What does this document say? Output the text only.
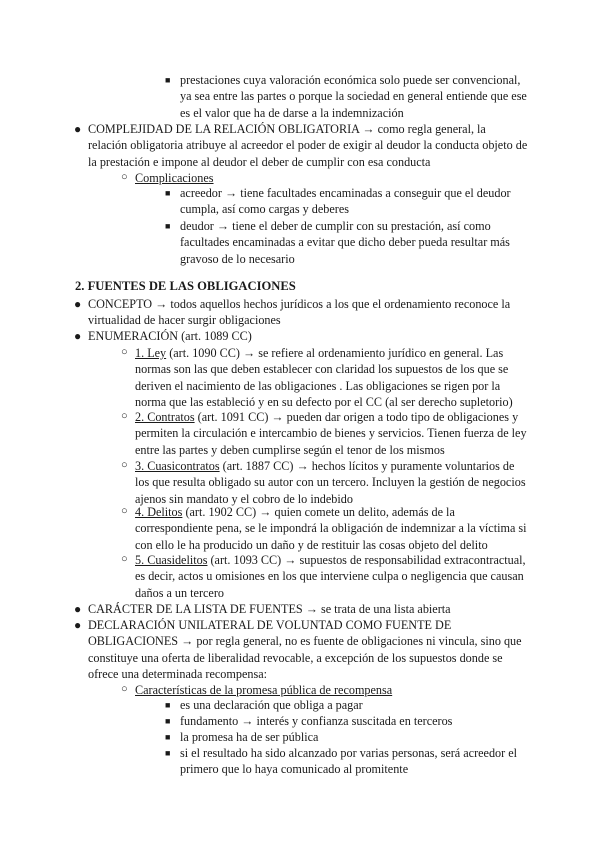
■ prestaciones cuya valoración económica solo puede ser convencional, ya sea entre las partes o porque la sociedad en general entiende que ese es el valor que ha de darse a la indemnización
● COMPLEJIDAD DE LA RELACIÓN OBLIGATORIA → como regla general, la relación obligatoria atribuye al acreedor el poder de exigir al deudor la conducta objeto de la prestación e impone al deudor el deber de cumplir con esa conducta
○ Complicaciones
■ acreedor → tiene facultades encaminadas a conseguir que el deudor cumpla, así como cargas y deberes
■ deudor → tiene el deber de cumplir con su prestación, así como facultades encaminadas a evitar que dicho deber pueda resultar más gravoso de lo necesario
2. FUENTES DE LAS OBLIGACIONES
● CONCEPTO → todos aquellos hechos jurídicos a los que el ordenamiento reconoce la virtualidad de hacer surgir obligaciones
● ENUMERACIÓN (art. 1089 CC)
○ 1. Ley (art. 1090 CC) → se refiere al ordenamiento jurídico en general. Las normas son las que deben establecer con claridad los supuestos de los que se deriven el nacimiento de las obligaciones . Las obligaciones se rigen por la norma que las estableció y en su defecto por el CC (al ser derecho supletorio)
○ 2. Contratos (art. 1091 CC) → pueden dar origen a todo tipo de obligaciones y permiten la circulación e intercambio de bienes y servicios. Tienen fuerza de ley entre las partes y deben cumplirse según el tenor de los mismos
○ 3. Cuasicontratos (art. 1887 CC) → hechos lícitos y puramente voluntarios de los que resulta obligado su autor con un tercero. Incluyen la gestión de negocios ajenos sin mandato y el cobro de lo indebido
○ 4. Delitos (art. 1902 CC) → quien comete un delito, además de la correspondiente pena, se le impondrá la obligación de indemnizar a la víctima si con ello le ha producido un daño y de restituir las cosas objeto del delito
○ 5. Cuasidelitos (art. 1093 CC) → supuestos de responsabilidad extracontractual, es decir, actos u omisiones en los que interviene culpa o negligencia que causan daños a un tercero
● CARÁCTER DE LA LISTA DE FUENTES → se trata de una lista abierta
● DECLARACIÓN UNILATERAL DE VOLUNTAD COMO FUENTE DE OBLIGACIONES → por regla general, no es fuente de obligaciones ni vincula, sino que constituye una oferta de liberalidad revocable, a excepción de los supuestos donde se ofrece una determinada recompensa:
○ Características de la promesa pública de recompensa
■ es una declaración que obliga a pagar
■ fundamento → interés y confianza suscitada en terceros
■ la promesa ha de ser pública
■ si el resultado ha sido alcanzado por varias personas, será acreedor el primero que lo haya comunicado al promitente
